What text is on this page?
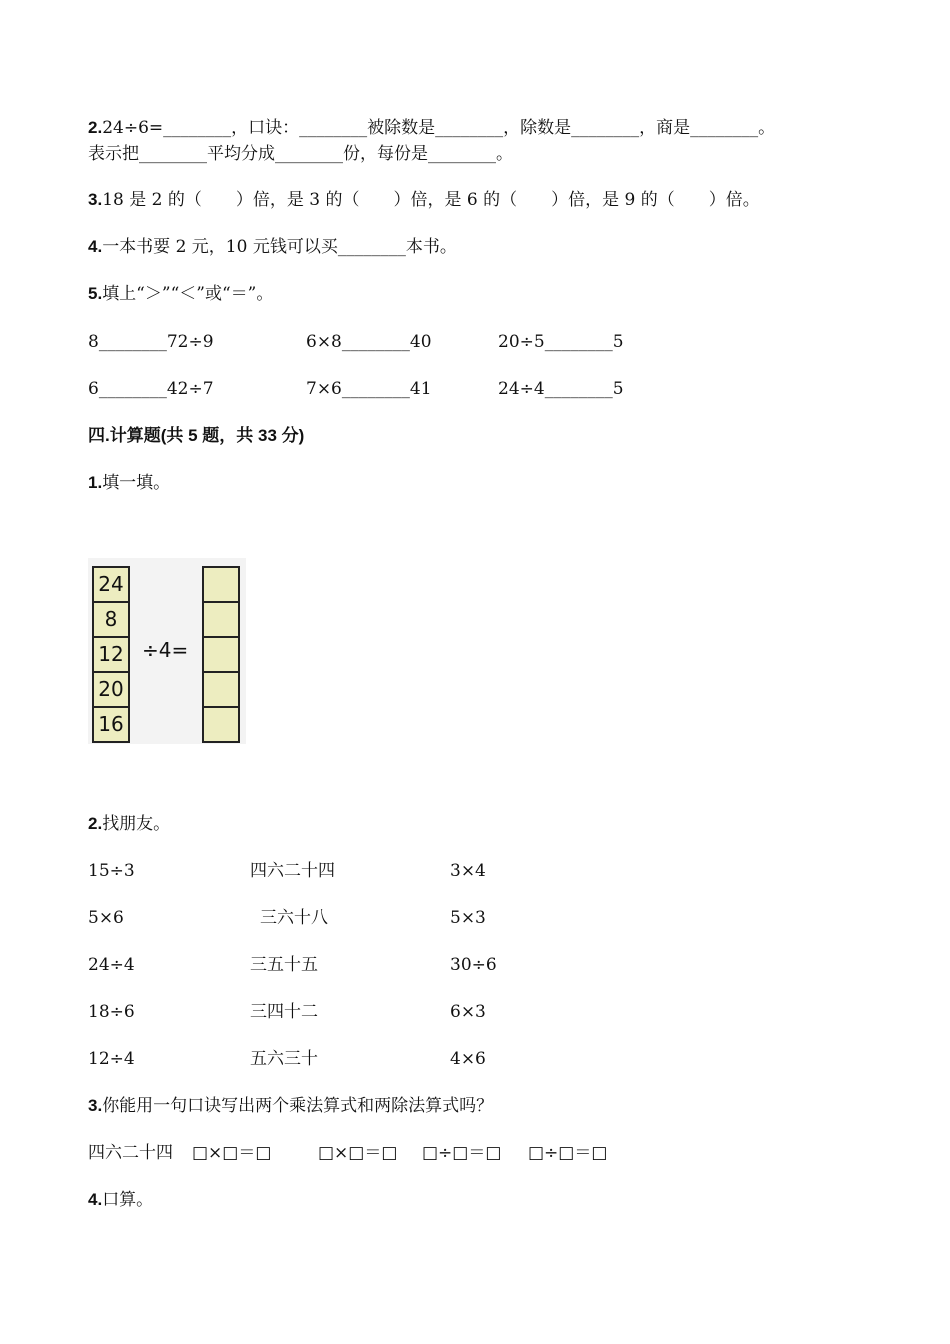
2.24÷6=________，口诀：________被除数是________，除数是________，商是________。
表示把________平均分成________份，每份是________。
3.18 是 2 的（　　）倍，是 3 的（　　）倍，是 6 的（　　）倍，是 9 的（　　）倍。
4.一本书要 2 元，10 元钱可以买________本书。
5.填上“＞”“＜”或“＝”。
8________72÷9	6×8________40	20÷5________5
6________42÷7	7×6________41	24÷4________5
四.计算题(共 5 题，共 33 分)
1.填一填。
24
8
12
20
16
÷4=
2.找朋友。
15÷3	四六二十四	3×4
5×6	三六十八	5×3
24÷4	三五十五	30÷6
18÷6	三四十二	6×3
12÷4	五六三十	4×6
3.你能用一句口诀写出两个乘法算式和两除法算式吗？
四六二十四 □×□＝□	□×□＝□ □÷□＝□ □÷□＝□
4.口算。
